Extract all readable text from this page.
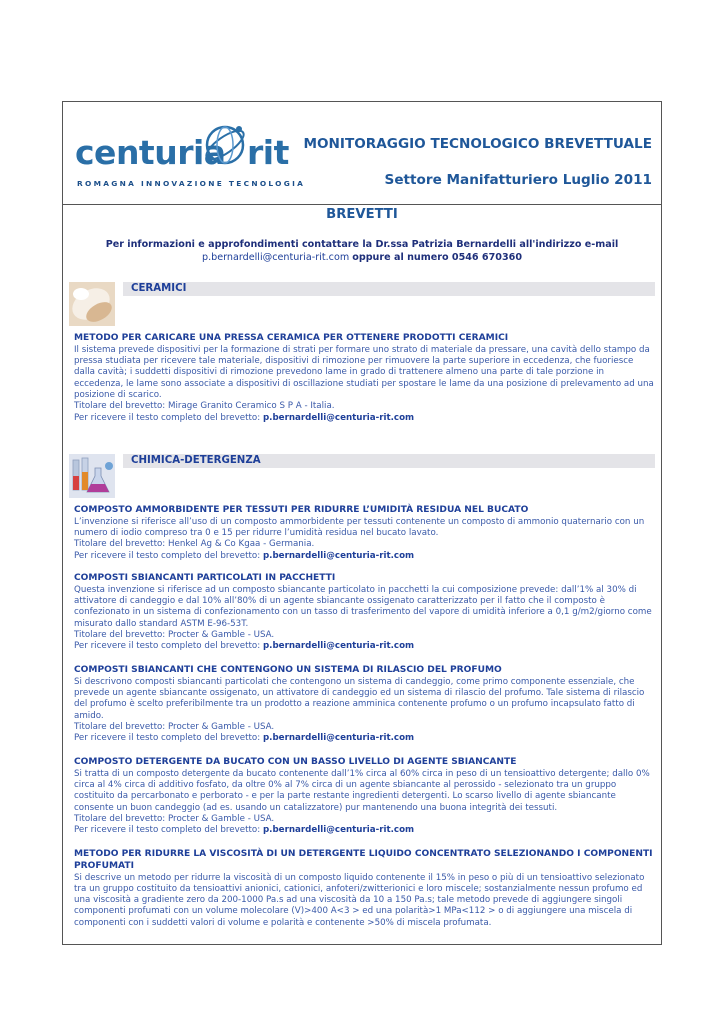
centuria rit
ROMAGNA INNOVAZIONE TECNOLOGIA
MONITORAGGIO TECNOLOGICO BREVETTUALE
Settore Manifatturiero Luglio 2011
BREVETTI
Per informazioni e approfondimenti contattare la Dr.ssa Patrizia Bernardelli all'indirizzo e-mail
p.bernardelli@centuria-rit.com oppure al numero 0546 670360
CERAMICI

METODO PER CARICARE UNA PRESSA CERAMICA PER OTTENERE PRODOTTI CERAMICI

Il sistema prevede dispositivi per la formazione di strati per formare uno strato di materiale da pressare, una cavità dello stampo da pressa studiata per ricevere tale materiale, dispositivi di rimozione per rimuovere la parte superiore in eccedenza, che fuoriesce dalla cavità; i suddetti dispositivi di rimozione prevedono lame in grado di trattenere almeno una parte di tale porzione in eccedenza, le lame sono associate a dispositivi di oscillazione studiati per spostare le lame da una posizione di prelevamento ad una posizione di scarico.

Titolare del brevetto: Mirage Granito Ceramico S P A - Italia.

Per ricevere il testo completo del brevetto: p.bernardelli@centuria-rit.com

CHIMICA-DETERGENZA

COMPOSTO AMMORBIDENTE PER TESSUTI PER RIDURRE L’UMIDITÀ RESIDUA NEL BUCATO

L’invenzione si riferisce all’uso di un composto ammorbidente per tessuti contenente un composto di ammonio quaternario con un numero di iodio compreso tra 0 e 15 per ridurre l’umidità residua nel bucato lavato.

Titolare del brevetto: Henkel Ag & Co Kgaa - Germania.

Per ricevere il testo completo del brevetto: p.bernardelli@centuria-rit.com

COMPOSTI SBIANCANTI PARTICOLATI IN PACCHETTI

Questa invenzione si riferisce ad un composto sbiancante particolato in pacchetti la cui composizione prevede: dall’1% al 30% di attivatore di candeggio e dal 10% all’80% di un agente sbiancante ossigenato caratterizzato per il fatto che il composto è confezionato in un sistema di confezionamento con un tasso di trasferimento del vapore di umidità inferiore a 0,1 g/m2/giorno come misurato dallo standard ASTM E-96-53T.

Titolare del brevetto: Procter & Gamble - USA.

Per ricevere il testo completo del brevetto: p.bernardelli@centuria-rit.com

COMPOSTI SBIANCANTI CHE CONTENGONO UN SISTEMA DI RILASCIO DEL PROFUMO

Si descrivono composti sbiancanti particolati che contengono un sistema di candeggio, come primo componente essenziale, che prevede un agente sbiancante ossigenato, un attivatore di candeggio ed un sistema di rilascio del profumo. Tale sistema di rilascio del profumo è scelto preferibilmente tra un prodotto a reazione amminica contenente profumo o un profumo incapsulato fatto di amido.

Titolare del brevetto: Procter & Gamble - USA.

Per ricevere il testo completo del brevetto: p.bernardelli@centuria-rit.com

COMPOSTO DETERGENTE DA BUCATO CON UN BASSO LIVELLO DI AGENTE SBIANCANTE

Si tratta di un composto detergente da bucato contenente dall’1% circa al 60% circa in peso di un tensioattivo detergente; dallo 0% circa al 4% circa di additivo fosfato, da oltre 0% al 7% circa di un agente sbiancante al perossido - selezionato tra un gruppo costituito da percarbonato e perborato - e per la parte restante ingredienti detergenti. Lo scarso livello di agente sbiancante consente un buon candeggio (ad es. usando un catalizzatore) pur mantenendo una buona integrità dei tessuti.

Titolare del brevetto: Procter & Gamble - USA.

Per ricevere il testo completo del brevetto: p.bernardelli@centuria-rit.com

METODO PER RIDURRE LA VISCOSITÀ DI UN DETERGENTE LIQUIDO CONCENTRATO SELEZIONANDO I COMPONENTI PROFUMATI

Si descrive un metodo per ridurre la viscosità di un composto liquido contenente il 15% in peso o più di un tensioattivo selezionato tra un gruppo costituito da tensioattivi anionici, cationici, anfoteri/zwitterionici e loro miscele; sostanzialmente nessun profumo ed una viscosità a gradiente zero da 200-1000 Pa.s ad una viscosità da 10 a 150 Pa.s; tale metodo prevede di aggiungere singoli componenti profumati con un volume molecolare (V)>400 A<3 > ed una polarità>1 MPa<112 > o di aggiungere una miscela di componenti con i suddetti valori di volume e polarità e contenente >50% di miscela profumata.
